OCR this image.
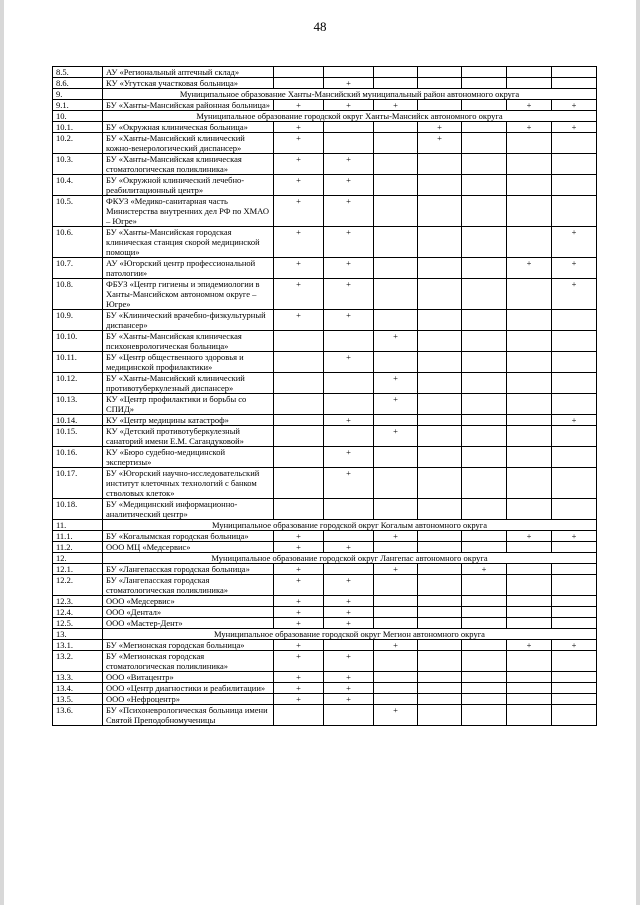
48
8.5.	АУ «Региональный аптечный склад»							
8.6.	КУ «Угутская участковая больница»		+					
9.	Муниципальное образование Ханты-Мансийский муниципальный район автономного округа							
9.1.	БУ «Ханты-Мансийская районная больница»	+	+	+			+	+
10.	Муниципальное образование городской округ Ханты-Мансийск автономного округа							
10.1.	БУ «Окружная клиническая больница»	+			+		+	+
10.2.	БУ «Ханты-Мансийский клинический кожно-венерологический диспансер»	+			+			
10.3.	БУ «Ханты-Мансийская клиническая стоматологическая поликлиника»	+	+					
10.4.	БУ «Окружной клинический лечебно-реабилитационный центр»	+	+					
10.5.	ФКУЗ «Медико-санитарная часть Министерства внутренних дел РФ по ХМАО – Югре»	+	+					
10.6.	БУ «Ханты-Мансийская городская клиническая станция скорой медицинской помощи»	+	+					+
10.7.	АУ «Югорский центр профессиональной патологии»	+	+				+	+
10.8.	ФБУЗ «Центр гигиены и эпидемиологии в Ханты-Мансийском автономном округе – Югре»	+	+					+
10.9.	БУ «Клинический врачебно-физкультурный диспансер»	+	+					
10.10.	БУ «Ханты-Мансийская клиническая психоневрологическая больница»			+				
10.11.	БУ «Центр общественного здоровья и медицинской профилактики»		+					
10.12.	БУ «Ханты-Мансийский клинический противотуберкулезный диспансер»			+				
10.13.	КУ «Центр профилактики и борьбы со СПИД»			+				
10.14.	КУ «Центр медицины катастроф»		+					+
10.15.	КУ «Детский противотуберкулезный санаторий имени Е.М. Сагандуковой»			+				
10.16.	КУ «Бюро судебно-медицинской экспертизы»		+					
10.17.	БУ «Югорский научно-исследовательский институт клеточных технологий с банком стволовых клеток»		+					
10.18.	БУ «Медицинский информационно-аналитический центр»							
11.	Муниципальное образование городской округ Когалым автономного округа							
11.1.	БУ «Когалымская городская больница»	+		+			+	+
11.2.	ООО МЦ «Медсервис»	+	+					
12.	Муниципальное образование городской округ Лангепас автономного округа							
12.1.	БУ «Лангепасская городская больница»	+		+		+		
12.2.	БУ «Лангепасская городская стоматологическая поликлиника»	+	+					
12.3.	ООО «Медсервис»	+	+					
12.4.	ООО «Дентал»	+	+					
12.5.	ООО «Мастер-Дент»	+	+					
13.	Муниципальное образование городской округ Мегион автономного округа							
13.1.	БУ «Мегионская городская больница»	+		+			+	+
13.2.	БУ «Мегионская городская стоматологическая поликлиника»	+	+					
13.3.	ООО «Витацентр»	+	+					
13.4.	ООО «Центр диагностики и реабилитации»	+	+					
13.5.	ООО «Нефроцентр»	+	+					
13.6.	БУ «Психоневрологическая больница имени Святой Преподобномученицы			+				
